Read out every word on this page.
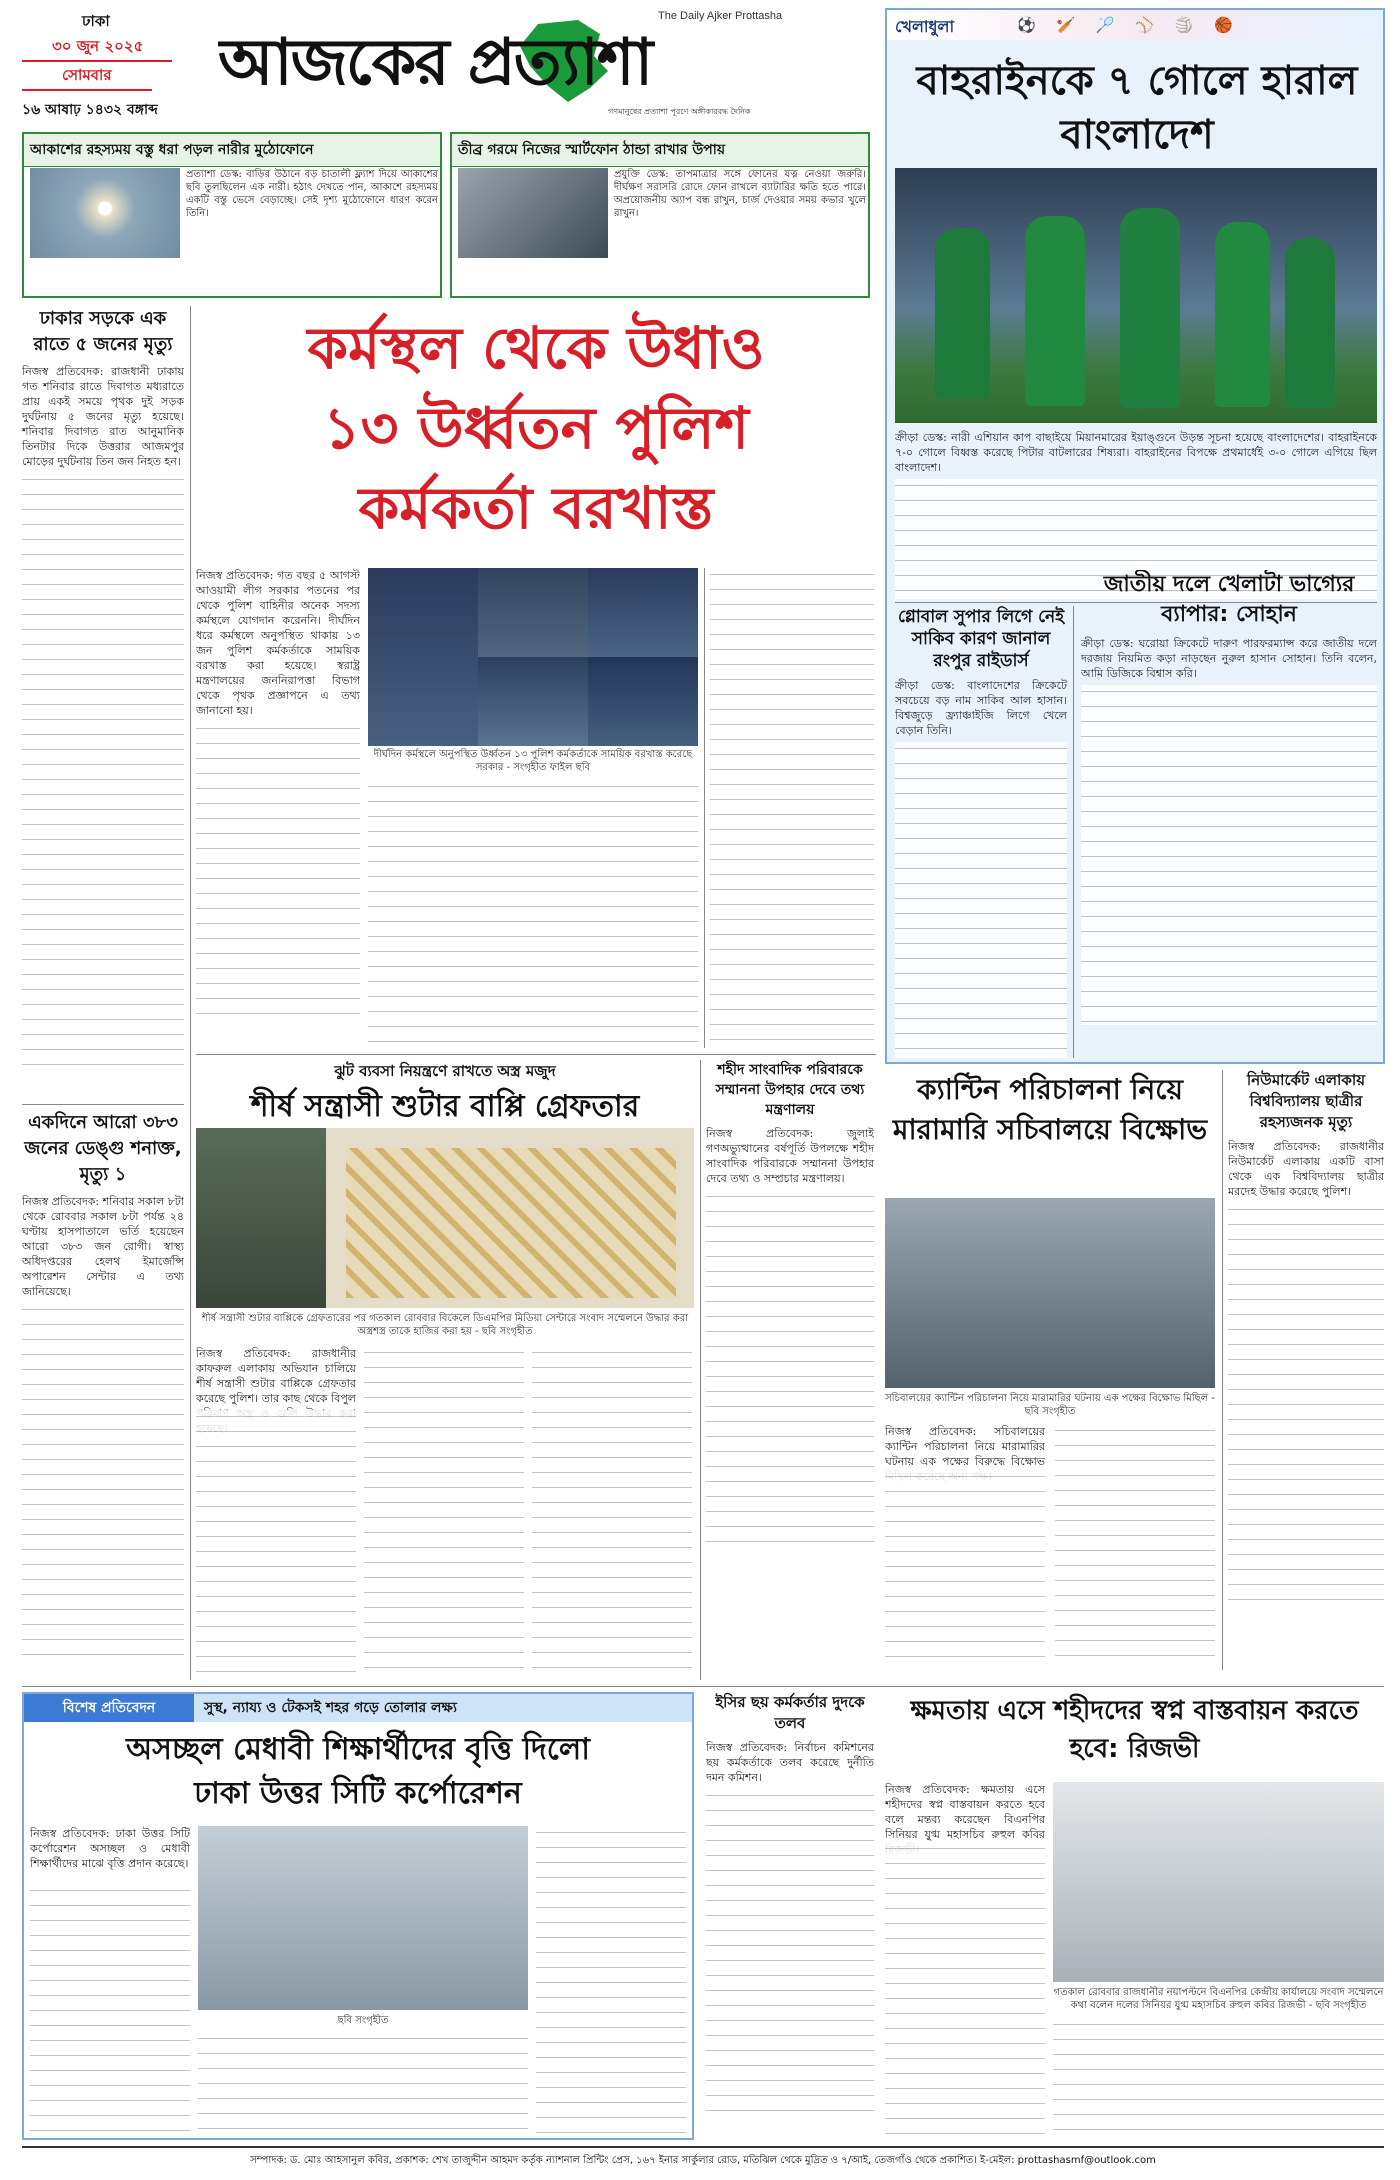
ঢাকা
৩০ জুন ২০২৫
সোমবার
১৬ আষাঢ় ১৪৩২ বঙ্গাব্দ
আজকের প্রত্যাশা
The Daily Ajker Prottasha
গণমানুষের প্রত্যাশা পূরণে অঙ্গীকারবদ্ধ দৈনিক
খেলাধুলা	⚽ 🏏 🏸 ⚾ 🏐 🏀
বাহরাইনকে ৭ গোলে হারাল বাংলাদেশ
ক্রীড়া ডেস্ক: নারী এশিয়ান কাপ বাছাইয়ে মিয়ানমারের ইয়াঙ্গুনে উড়ন্ত সূচনা হয়েছে বাংলাদেশের। বাহরাইনকে ৭-০ গোলে বিধ্বস্ত করেছে পিটার বাটলারের শিষ্যরা। বাহরাইনের বিপক্ষে প্রথমার্ধেই ৩-০ গোলে এগিয়ে ছিল বাংলাদেশ।
গ্লোবাল সুপার লিগে নেই সাকিব কারণ জানাল রংপুর রাইডার্স
ক্রীড়া ডেস্ক: বাংলাদেশের ক্রিকেটে সবচেয়ে বড় নাম সাকিব আল হাসান। বিশ্বজুড়ে ফ্র্যাঞ্চাইজি লিগে খেলে বেড়ান তিনি।
জাতীয় দলে খেলাটা ভাগ্যের ব্যাপার: সোহান
ক্রীড়া ডেস্ক: ঘরোয়া ক্রিকেটে দারুণ পারফরম্যান্স করে জাতীয় দলে দরজায় নিয়মিত কড়া নাড়ছেন নুরুল হাসান সোহান। তিনি বলেন, আমি ডিজিকে বিশ্বাস করি।
আকাশের রহস্যময় বস্তু ধরা পড়ল নারীর মুঠোফোনে
প্রত্যাশা ডেস্ক: বাড়ির উঠানে বড় চাতালী ফ্ল্যাশ দিয়ে আকাশের ছবি তুলছিলেন এক নারী। হঠাৎ দেখতে পান, আকাশে রহস্যময় একটি বস্তু ভেসে বেড়াচ্ছে। সেই দৃশ্য মুঠোফোনে ধারণ করেন তিনি।
তীব্র গরমে নিজের স্মার্টফোন ঠান্ডা রাখার উপায়
প্রযুক্তি ডেস্ক: তাপমাত্রার সঙ্গে ফোনের যত্ন নেওয়া জরুরি। দীর্ঘক্ষণ সরাসরি রোদে ফোন রাখলে ব্যাটারির ক্ষতি হতে পারে। অপ্রয়োজনীয় অ্যাপ বন্ধ রাখুন, চার্জ দেওয়ার সময় কভার খুলে রাখুন।
ঢাকার সড়কে এক রাতে ৫ জনের মৃত্যু
নিজস্ব প্রতিবেদক: রাজধানী ঢাকায় গত শনিবার রাতে দিবাগত মধ্যরাতে প্রায় একই সময়ে পৃথক দুই সড়ক দুর্ঘটনায় ৫ জনের মৃত্যু হয়েছে। শনিবার দিবাগত রাত আনুমানিক তিনটার দিকে উত্তরার আজমপুর মোড়ের দুর্ঘটনায় তিন জন নিহত হন।
একদিনে আরো ৩৮৩ জনের ডেঙ্গু শনাক্ত, মৃত্যু ১
নিজস্ব প্রতিবেদক: শনিবার সকাল ৮টা থেকে রোববার সকাল ৮টা পর্যন্ত ২৪ ঘণ্টায় হাসপাতালে ভর্তি হয়েছেন আরো ৩৮৩ জন রোগী। স্বাস্থ্য অধিদপ্তরের হেলথ ইমার্জেন্সি অপারেশন সেন্টার এ তথ্য জানিয়েছে।
কর্মস্থল থেকে উধাও
১৩ উর্ধ্বতন পুলিশ
কর্মকর্তা বরখাস্ত
নিজস্ব প্রতিবেদক: গত বছর ৫ আগস্ট আওয়ামী লীগ সরকার পতনের পর থেকে পুলিশ বাহিনীর অনেক সদস্য কর্মস্থলে যোগদান করেননি। দীর্ঘদিন ধরে কর্মস্থলে অনুপস্থিত থাকায় ১৩ জন পুলিশ কর্মকর্তাকে সাময়িক বরখাস্ত করা হয়েছে। স্বরাষ্ট্র মন্ত্রণালয়ের জননিরাপত্তা বিভাগ থেকে পৃথক প্রজ্ঞাপনে এ তথ্য জানানো হয়।
দীর্ঘদিন কর্মস্থলে অনুপস্থিত উর্ধ্বতন ১৩ পুলিশ কর্মকর্তাকে সাময়িক বরখাস্ত করেছে সরকার - সংগৃহীত ফাইল ছবি
ঝুট ব্যবসা নিয়ন্ত্রণে রাখতে অস্ত্র মজুদ
শীর্ষ সন্ত্রাসী শুটার বাপ্পি গ্রেফতার
শীর্ষ সন্ত্রাসী শুটার বাপ্পিকে গ্রেফতারের পর গতকাল রোববার বিকেলে ডিএমপির মিডিয়া সেন্টারে সংবাদ সম্মেলনে উদ্ধার করা অস্ত্রশস্ত্র তাকে হাজির করা হয় - ছবি সংগৃহীত
নিজস্ব প্রতিবেদক: রাজধানীর কাফরুল এলাকায় অভিযান চালিয়ে শীর্ষ সন্ত্রাসী শুটার বাপ্পিকে গ্রেফতার করেছে পুলিশ। তার কাছ থেকে বিপুল
শহীদ সাংবাদিক পরিবারকে সম্মাননা উপহার দেবে তথ্য মন্ত্রণালয়
নিজস্ব প্রতিবেদক: জুলাই গণঅভ্যুত্থানের বর্ষপূর্তি উপলক্ষে শহীদ সাংবাদিক পরিবারকে সম্মাননা উপহার দেবে তথ্য ও সম্প্রচার মন্ত্রণালয়।
ক্যান্টিন পরিচালনা নিয়ে মারামারি সচিবালয়ে বিক্ষোভ
সচিবালয়ের ক্যান্টিন পরিচালনা নিয়ে মারামারির ঘটনায় এক পক্ষের বিক্ষোভ মিছিল - ছবি সংগৃহীত
নিজস্ব প্রতিবেদক: সচিবালয়ের ক্যান্টিন পরিচালনা নিয়ে মারামারির ঘটনায় এক পক্ষের বিরুদ্ধে বিক্ষোভ
নিউমার্কেট এলাকায় বিশ্ববিদ্যালয় ছাত্রীর রহস্যজনক মৃত্যু
নিজস্ব প্রতিবেদক: রাজধানীর নিউমার্কেট এলাকায় একটি বাসা থেকে এক বিশ্ববিদ্যালয় ছাত্রীর মরদেহ উদ্ধার করেছে পুলিশ।
বিশেষ প্রতিবেদন	সুস্থ, ন্যায্য ও টেকসই শহর গড়ে তোলার লক্ষ্য
অসচ্ছল মেধাবী শিক্ষার্থীদের বৃত্তি দিলো
ঢাকা উত্তর সিটি কর্পোরেশন
নিজস্ব প্রতিবেদক: ঢাকা উত্তর সিটি কর্পোরেশন অসচ্ছল ও মেধাবী শিক্ষার্থীদের মাঝে বৃত্তি প্রদান করেছে।
ছবি সংগৃহীত
ইসির ছয় কর্মকর্তার দুদকে তলব
নিজস্ব প্রতিবেদক: নির্বাচন কমিশনের ছয় কর্মকর্তাকে তলব করেছে দুর্নীতি দমন কমিশন।
ক্ষমতায় এসে শহীদদের স্বপ্ন বাস্তবায়ন করতে হবে: রিজভী
নিজস্ব প্রতিবেদক: ক্ষমতায় এসে শহীদদের স্বপ্ন বাস্তবায়ন করতে হবে বলে মন্তব্য করেছেন বিএনপির সিনিয়র যুগ্ম মহাসচিব রুহুল কবির
গতকাল রোববার রাজধানীর নয়াপল্টনে বিএনপির কেন্দ্রীয় কার্যালয়ে সংবাদ সম্মেলনে কথা বলেন দলের সিনিয়র যুগ্ম মহাসচিব রুহুল কবির রিজভী - ছবি সংগৃহীত
সম্পাদক: ড. মোঃ আহসানুল কবির, প্রকাশক: শেখ তাজুদ্দীন আহমদ কর্তৃক ন্যাশনাল প্রিন্টিং প্রেস, ১৬৭ ইনার সার্কুলার রোড, মতিঝিল থেকে মুদ্রিত ও ৭/আই, তেজগাঁও থেকে প্রকাশিত। ই-মেইল: prottashasmf@outlook.com
